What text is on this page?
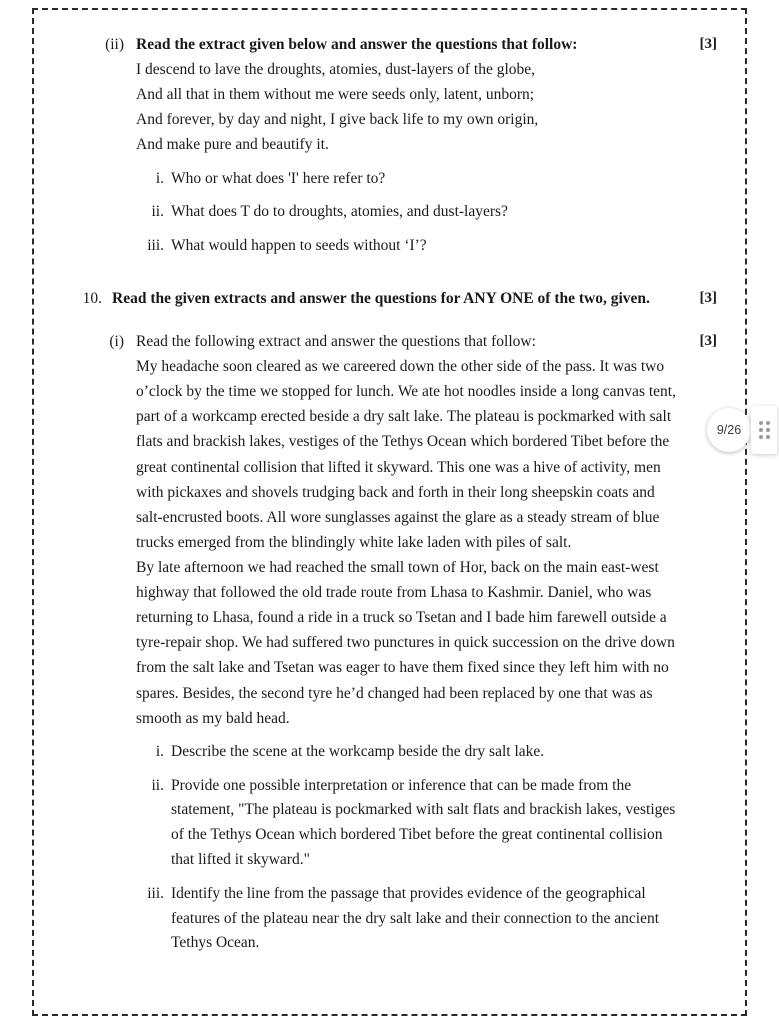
(ii) Read the extract given below and answer the questions that follow:

I descend to lave the droughts, atomies, dust-layers of the globe,

And all that in them without me were seeds only, latent, unborn;

And forever, by day and night, I give back life to my own origin,

And make pure and beautify it.

i. Who or what does 'I' here refer to?
ii. What does T do to droughts, atomies, and dust-layers?
iii. What would happen to seeds without ‘I’?
[3]
10. Read the given extracts and answer the questions for ANY ONE of the two, given.	[3]
(i) Read the following extract and answer the questions that follow:

My headache soon cleared as we careered down the other side of the pass. It was two o’clock by the time we stopped for lunch. We ate hot noodles inside a long canvas tent, part of a workcamp erected beside a dry salt lake. The plateau is pockmarked with salt flats and brackish lakes, vestiges of the Tethys Ocean which bordered Tibet before the great continental collision that lifted it skyward. This one was a hive of activity, men with pickaxes and shovels trudging back and forth in their long sheepskin coats and salt-encrusted boots. All wore sunglasses against the glare as a steady stream of blue trucks emerged from the blindingly white lake laden with piles of salt.

By late afternoon we had reached the small town of Hor, back on the main east-west highway that followed the old trade route from Lhasa to Kashmir. Daniel, who was returning to Lhasa, found a ride in a truck so Tsetan and I bade him farewell outside a tyre-repair shop. We had suffered two punctures in quick succession on the drive down from the salt lake and Tsetan was eager to have them fixed since they left him with no spares. Besides, the second tyre he’d changed had been replaced by one that was as smooth as my bald head.

i. Describe the scene at the workcamp beside the dry salt lake.
ii. Provide one possible interpretation or inference that can be made from the statement, "The plateau is pockmarked with salt flats and brackish lakes, vestiges of the Tethys Ocean which bordered Tibet before the great continental collision that lifted it skyward."
iii. Identify the line from the passage that provides evidence of the geographical features of the plateau near the dry salt lake and their connection to the ancient Tethys Ocean.
[3]
9/26
